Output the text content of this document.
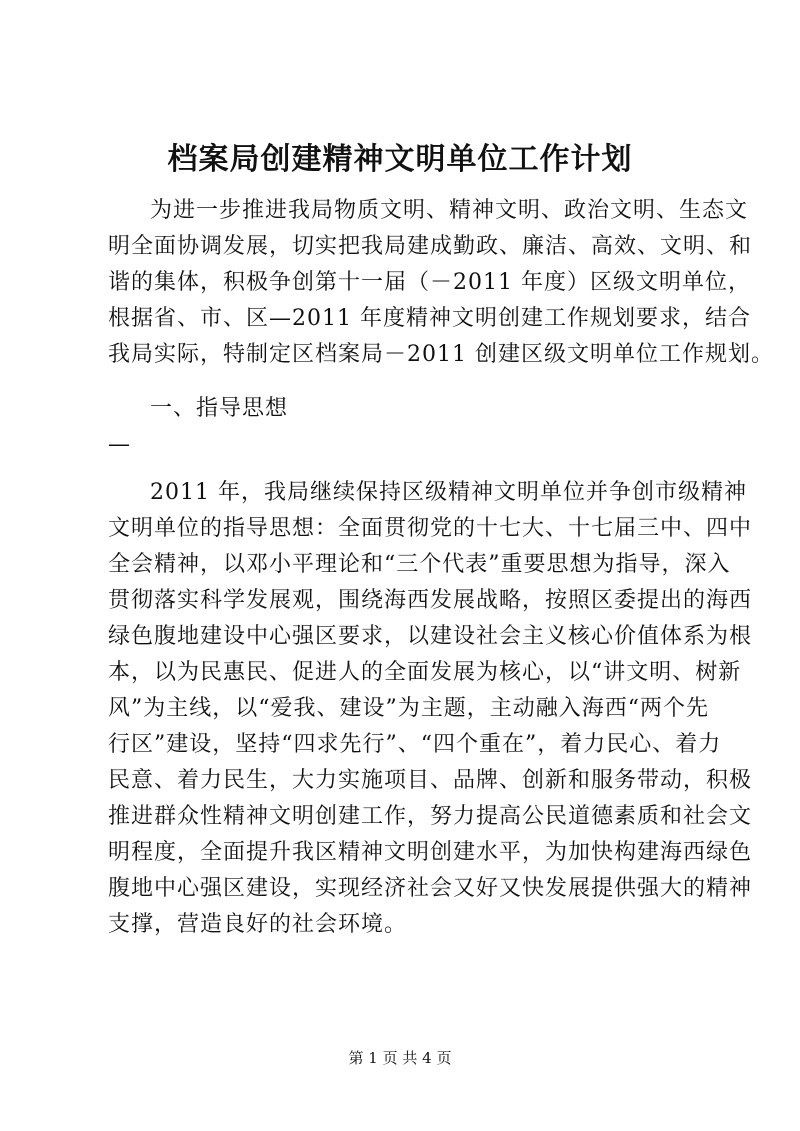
档案局创建精神文明单位工作计划
为进一步推进我局物质文明、精神文明、政治文明、生态文
明全面协调发展，切实把我局建成勤政、廉洁、高效、文明、和
谐的集体，积极争创第十一届（－2011 年度）区级文明单位，
根据省、市、区—2011 年度精神文明创建工作规划要求，结合
我局实际，特制定区档案局－2011 创建区级文明单位工作规划。
一、指导思想
—
2011 年，我局继续保持区级精神文明单位并争创市级精神
文明单位的指导思想：全面贯彻党的十七大、十七届三中、四中
全会精神，以邓小平理论和“三个代表”重要思想为指导，深入
贯彻落实科学发展观，围绕海西发展战略，按照区委提出的海西
绿色腹地建设中心强区要求，以建设社会主义核心价值体系为根
本，以为民惠民、促进人的全面发展为核心，以“讲文明、树新
风”为主线，以“爱我、建设”为主题，主动融入海西“两个先
行区”建设，坚持“四求先行”、“四个重在”，着力民心、着力
民意、着力民生，大力实施项目、品牌、创新和服务带动，积极
推进群众性精神文明创建工作，努力提高公民道德素质和社会文
明程度，全面提升我区精神文明创建水平，为加快构建海西绿色
腹地中心强区建设，实现经济社会又好又快发展提供强大的精神
支撑，营造良好的社会环境。
第 1 页 共 4 页
